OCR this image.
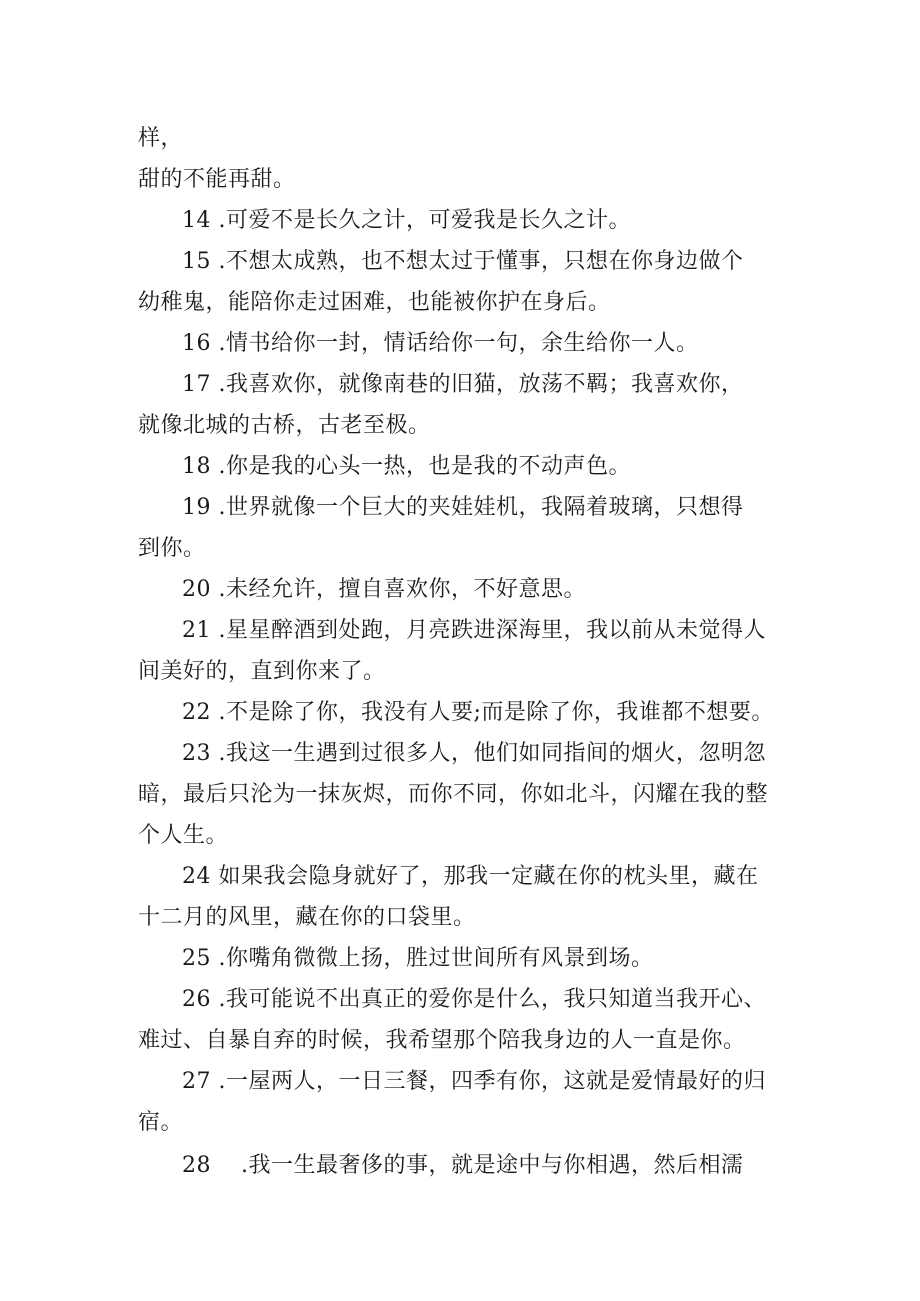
样，
甜的不能再甜。
14 .可爱不是长久之计，可爱我是长久之计。
15 .不想太成熟，也不想太过于懂事，只想在你身边做个
幼稚鬼，能陪你走过困难，也能被你护在身后。
16 .情书给你一封，情话给你一句，余生给你一人。
17 .我喜欢你，就像南巷的旧猫，放荡不羁；我喜欢你，
就像北城的古桥，古老至极。
18 .你是我的心头一热，也是我的不动声色。
19 .世界就像一个巨大的夹娃娃机，我隔着玻璃，只想得
到你。
20 .未经允许，擅自喜欢你，不好意思。
21 .星星醉酒到处跑，月亮跌进深海里，我以前从未觉得人
间美好的，直到你来了。
22 .不是除了你，我没有人要;而是除了你，我谁都不想要。
23 .我这一生遇到过很多人，他们如同指间的烟火，忽明忽
暗，最后只沦为一抹灰烬，而你不同，你如北斗，闪耀在我的整
个人生。
24 如果我会隐身就好了，那我一定藏在你的枕头里，藏在
十二月的风里，藏在你的口袋里。
25 .你嘴角微微上扬，胜过世间所有风景到场。
26 .我可能说不出真正的爱你是什么，我只知道当我开心、
难过、自暴自弃的时候，我希望那个陪我身边的人一直是你。
27 .一屋两人，一日三餐，四季有你，这就是爱情最好的归
宿。
28 　.我一生最奢侈的事，就是途中与你相遇，然后相濡
